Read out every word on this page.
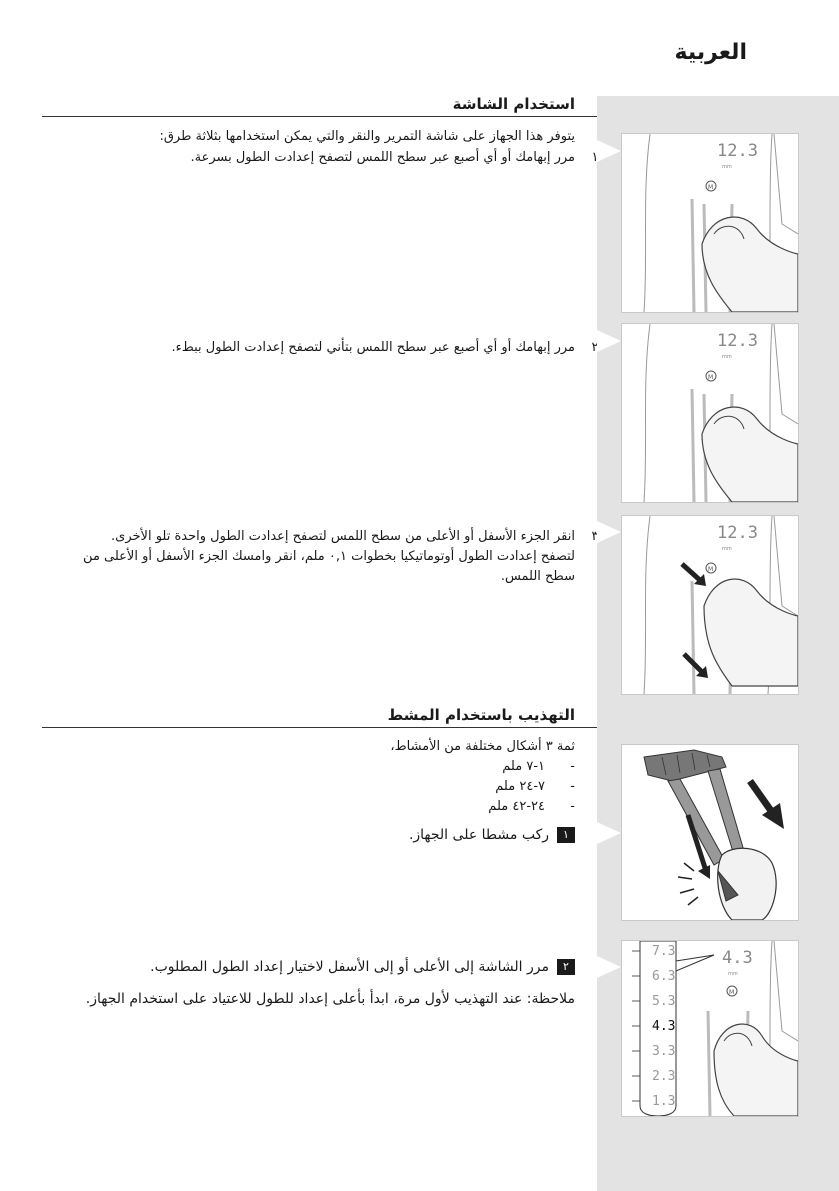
العربية
استخدام الشاشة
يتوفر هذا الجهاز على شاشة التمرير والنقر والتي يمكن استخدامها بثلاثة طرق:
١
مرر إبهامك أو أي أصبع عبر سطح اللمس لتصفح إعدادت الطول بسرعة.
٢
مرر إبهامك أو أي أصبع عبر سطح اللمس بتأني لتصفح إعدادت الطول ببطء.
٣
انقر الجزء الأسفل أو الأعلى من سطح اللمس لتصفح إعدادت الطول واحدة تلو الأخرى. لتصفح إعدادت الطول أوتوماتيكيا بخطوات ٠,١ ملم، انقر وامسك الجزء الأسفل أو الأعلى من سطح اللمس.
12.3
mm
M
12.3
mm
M
12.3
mm
M
التهذيب باستخدام المشط
ثمة ٣ أشكال مختلفة من الأمشاط،
- ١-٧ ملم
- ٧-٢٤ ملم
- ٢٤-٤٢ ملم
١ركب مشطا على الجهاز.
٢مرر الشاشة إلى الأعلى أو إلى الأسفل لاختيار إعداد الطول المطلوب.
ملاحظة: عند التهذيب لأول مرة، ابدأ بأعلى إعداد للطول للاعتياد على استخدام الجهاز.
7.3
6.3
5.3
4.3
3.3
2.3
1.3
4.3
mm
M
